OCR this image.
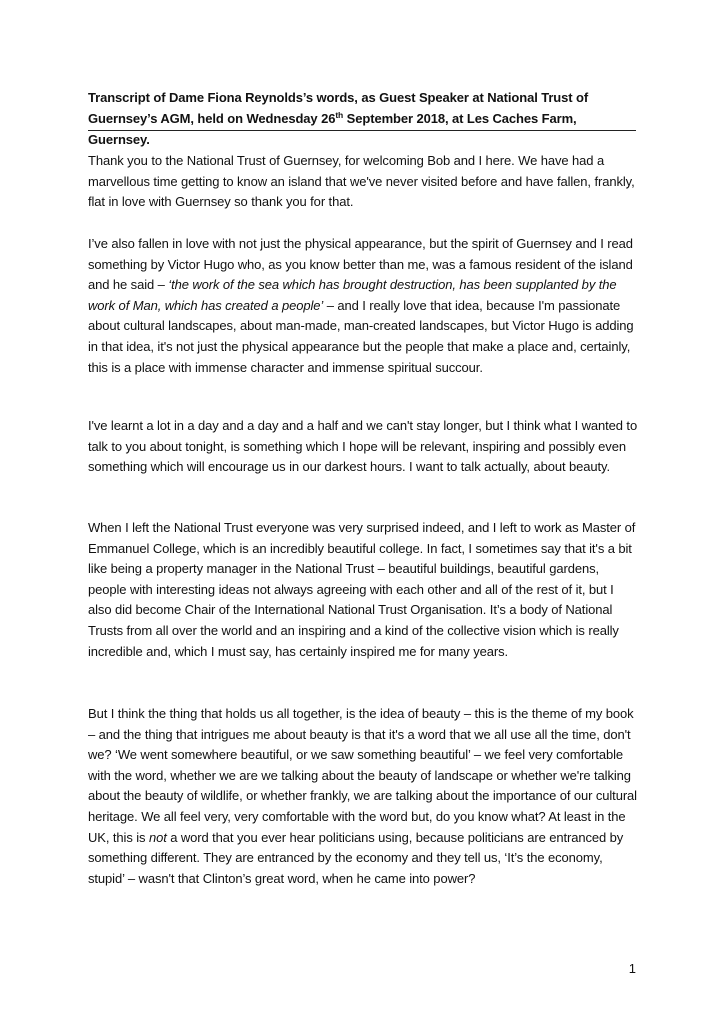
Transcript of Dame Fiona Reynolds’s words, as Guest Speaker at National Trust of Guernsey’s AGM, held on Wednesday 26th September 2018, at Les Caches Farm, Guernsey.

Thank you to the National Trust of Guernsey, for welcoming Bob and I here. We have had a marvellous time getting to know an island that we've never visited before and have fallen, frankly, flat in love with Guernsey so thank you for that.

I’ve also fallen in love with not just the physical appearance, but the spirit of Guernsey and I read something by Victor Hugo who, as you know better than me, was a famous resident of the island and he said – ‘the work of the sea which has brought destruction, has been supplanted by the work of Man, which has created a people’ – and I really love that idea, because I'm passionate about cultural landscapes, about man-made, man-created landscapes, but Victor Hugo is adding in that idea, it's not just the physical appearance but the people that make a place and, certainly, this is a place with immense character and immense spiritual succour.

I've learnt a lot in a day and a day and a half and we can't stay longer, but I think what I wanted to talk to you about tonight, is something which I hope will be relevant, inspiring and possibly even something which will encourage us in our darkest hours. I want to talk actually, about beauty.

When I left the National Trust everyone was very surprised indeed, and I left to work as Master of Emmanuel College, which is an incredibly beautiful college. In fact, I sometimes say that it's a bit like being a property manager in the National Trust – beautiful buildings, beautiful gardens, people with interesting ideas not always agreeing with each other and all of the rest of it, but I also did become Chair of the International National Trust Organisation. It’s a body of National Trusts from all over the world and an inspiring and a kind of the collective vision which is really incredible and, which I must say, has certainly inspired me for many years.

But I think the thing that holds us all together, is the idea of beauty – this is the theme of my book – and the thing that intrigues me about beauty is that it's a word that we all use all the time, don't we? ‘We went somewhere beautiful, or we saw something beautiful’ – we feel very comfortable with the word, whether we are we talking about the beauty of landscape or whether we're talking about the beauty of wildlife, or whether frankly, we are talking about the importance of our cultural heritage. We all feel very, very comfortable with the word but, do you know what? At least in the UK, this is not a word that you ever hear politicians using, because politicians are entranced by something different. They are entranced by the economy and they tell us, ‘It’s the economy, stupid’ – wasn't that Clinton’s great word, when he came into power?

1
